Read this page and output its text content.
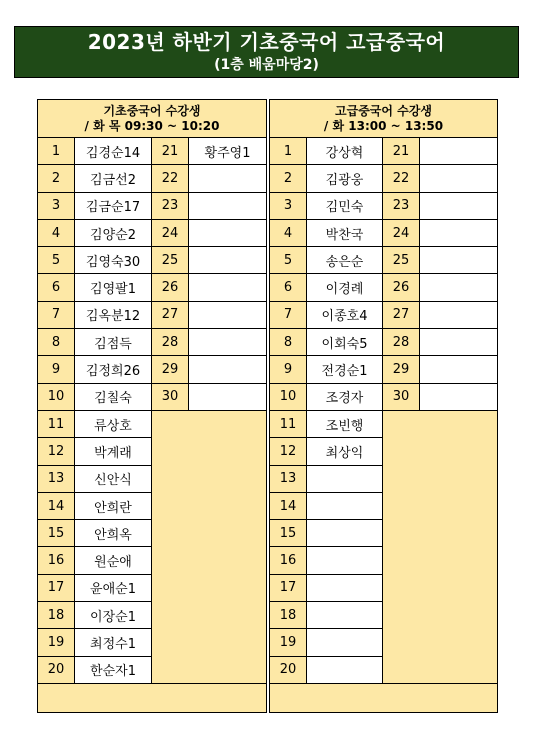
2023년 하반기 기초중국어 고급중국어
(1층 배움마당2)
기초중국어 수강생
/ 화 목 09:30 ~ 10:20			

1	김경순14	21	황주영1
2	김금선2	22	
3	김금순17	23	
4	김양순2	24	
5	김영숙30	25	
6	김영팔1	26	
7	김옥분12	27	
8	김점득	28	
9	김정희26	29	
10	김칠숙	30	
11	류상호		
12	박계래		
13	신안식		
14	안희란		
15	안희옥		
16	원순애		
17	윤애순1		
18	이장순1		
19	최정수1		
20	한순자1		

고급중국어 수강생
/ 화 13:00 ~ 13:50			

1	강상혁	21	
2	김광웅	22	
3	김민숙	23	
4	박찬국	24	
5	송은순	25	
6	이경례	26	
7	이종호4	27	
8	이회숙5	28	
9	전경순1	29	
10	조경자	30	
11	조빈행		
12	최상익		
13			
14			
15			
16			
17			
18			
19			
20			
